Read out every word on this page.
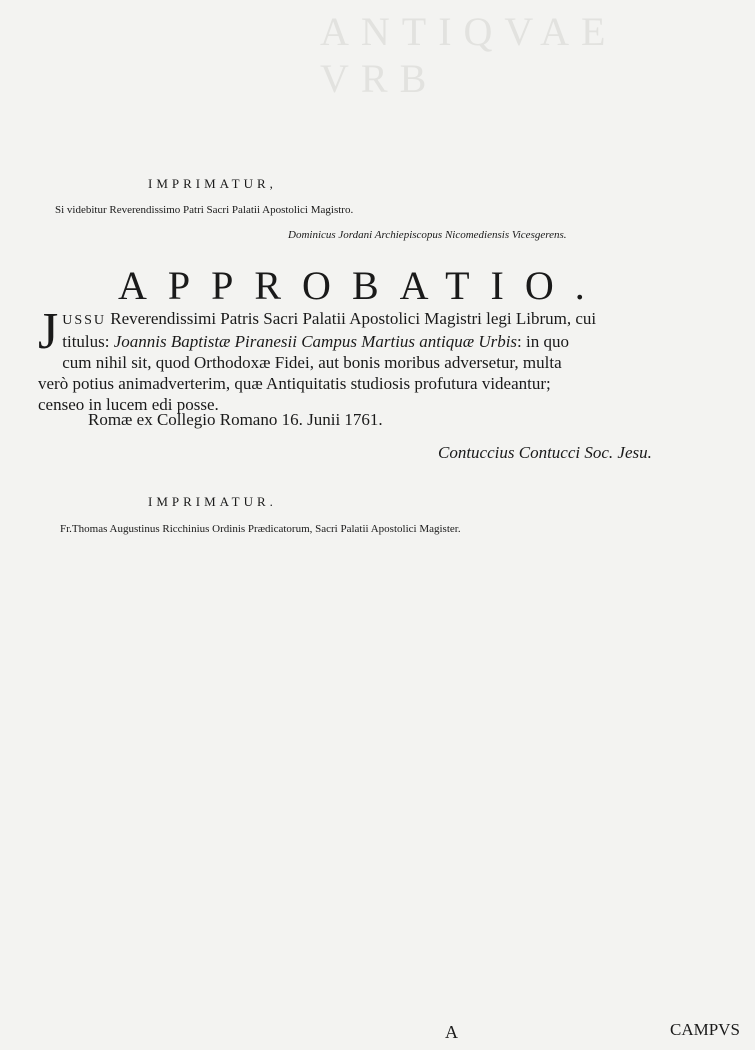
ANTIQVAE VRB
IMPRIMATUR,
Si videbitur Reverendissimo Patri Sacri Palatii Apostolici Magistro.
Dominicus Jordani Archiepiscopus Nicomediensis Vicesgerens.
APPROBATIO.
J USSU Reverendissimi Patris Sacri Palatii Apostolici Magistri legi Librum, cui
titulus: Joannis Baptistæ Piranesii Campus Martius antiquæ Urbis: in quo
cum nihil sit, quod Orthodoxæ Fidei, aut bonis moribus adversetur, multa
verò potius animadverterim, quæ Antiquitatis studiosis profutura videantur;
censeo in lucem edi posse.
Romæ ex Collegio Romano 16. Junii 1761.
Contuccius Contucci Soc. Jesu.
IMPRIMATUR.
Fr.Thomas Augustinus Ricchinius Ordinis Prædicatorum, Sacri Palatii Apostolici Magister.
A	CAMPVS
